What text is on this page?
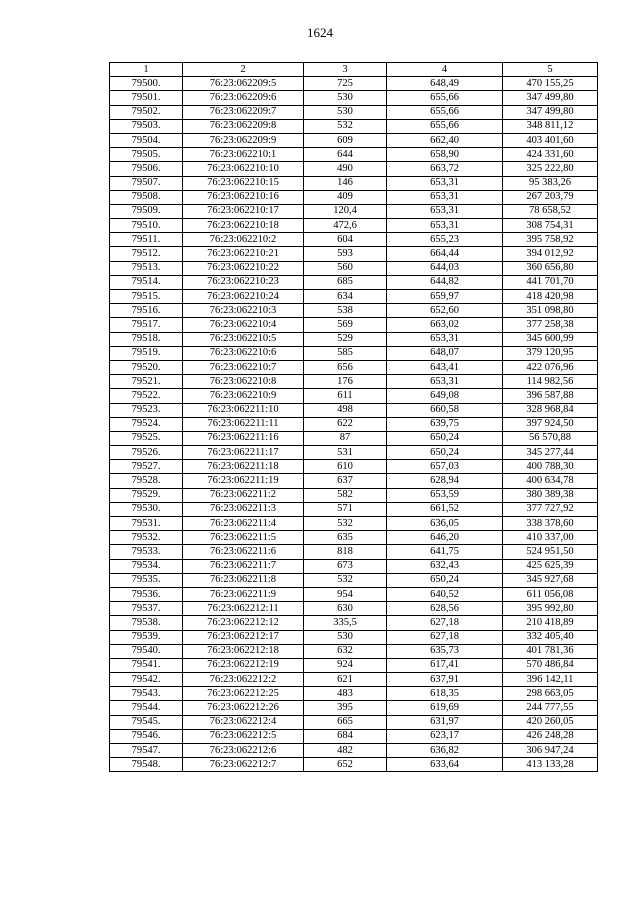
1624
1	2	3	4	5
79500.	76:23:062209:5	725	648,49	470 155,25
79501.	76:23:062209:6	530	655,66	347 499,80
79502.	76:23:062209:7	530	655,66	347 499,80
79503.	76:23:062209:8	532	655,66	348 811,12
79504.	76:23:062209:9	609	662,40	403 401,60
79505.	76:23:062210:1	644	658,90	424 331,60
79506.	76:23:062210:10	490	663,72	325 222,80
79507.	76:23:062210:15	146	653,31	95 383,26
79508.	76:23:062210:16	409	653,31	267 203,79
79509.	76:23:062210:17	120,4	653,31	78 658,52
79510.	76:23:062210:18	472,6	653,31	308 754,31
79511.	76:23:062210:2	604	655,23	395 758,92
79512.	76:23:062210:21	593	664,44	394 012,92
79513.	76:23:062210:22	560	644,03	360 656,80
79514.	76:23:062210:23	685	644,82	441 701,70
79515.	76:23:062210:24	634	659,97	418 420,98
79516.	76:23:062210:3	538	652,60	351 098,80
79517.	76:23:062210:4	569	663,02	377 258,38
79518.	76:23:062210:5	529	653,31	345 600,99
79519.	76:23:062210:6	585	648,07	379 120,95
79520.	76:23:062210:7	656	643,41	422 076,96
79521.	76:23:062210:8	176	653,31	114 982,56
79522.	76:23:062210:9	611	649,08	396 587,88
79523.	76:23:062211:10	498	660,58	328 968,84
79524.	76:23:062211:11	622	639,75	397 924,50
79525.	76:23:062211:16	87	650,24	56 570,88
79526.	76:23:062211:17	531	650,24	345 277,44
79527.	76:23:062211:18	610	657,03	400 788,30
79528.	76:23:062211:19	637	628,94	400 634,78
79529.	76:23:062211:2	582	653,59	380 389,38
79530.	76:23:062211:3	571	661,52	377 727,92
79531.	76:23:062211:4	532	636,05	338 378,60
79532.	76:23:062211:5	635	646,20	410 337,00
79533.	76:23:062211:6	818	641,75	524 951,50
79534.	76:23:062211:7	673	632,43	425 625,39
79535.	76:23:062211:8	532	650,24	345 927,68
79536.	76:23:062211:9	954	640,52	611 056,08
79537.	76:23:062212:11	630	628,56	395 992,80
79538.	76:23:062212:12	335,5	627,18	210 418,89
79539.	76:23:062212:17	530	627,18	332 405,40
79540.	76:23:062212:18	632	635,73	401 781,36
79541.	76:23:062212:19	924	617,41	570 486,84
79542.	76:23:062212:2	621	637,91	396 142,11
79543.	76:23:062212:25	483	618,35	298 663,05
79544.	76:23:062212:26	395	619,69	244 777,55
79545.	76:23:062212:4	665	631,97	420 260,05
79546.	76:23:062212:5	684	623,17	426 248,28
79547.	76:23:062212:6	482	636,82	306 947,24
79548.	76:23:062212:7	652	633,64	413 133,28
